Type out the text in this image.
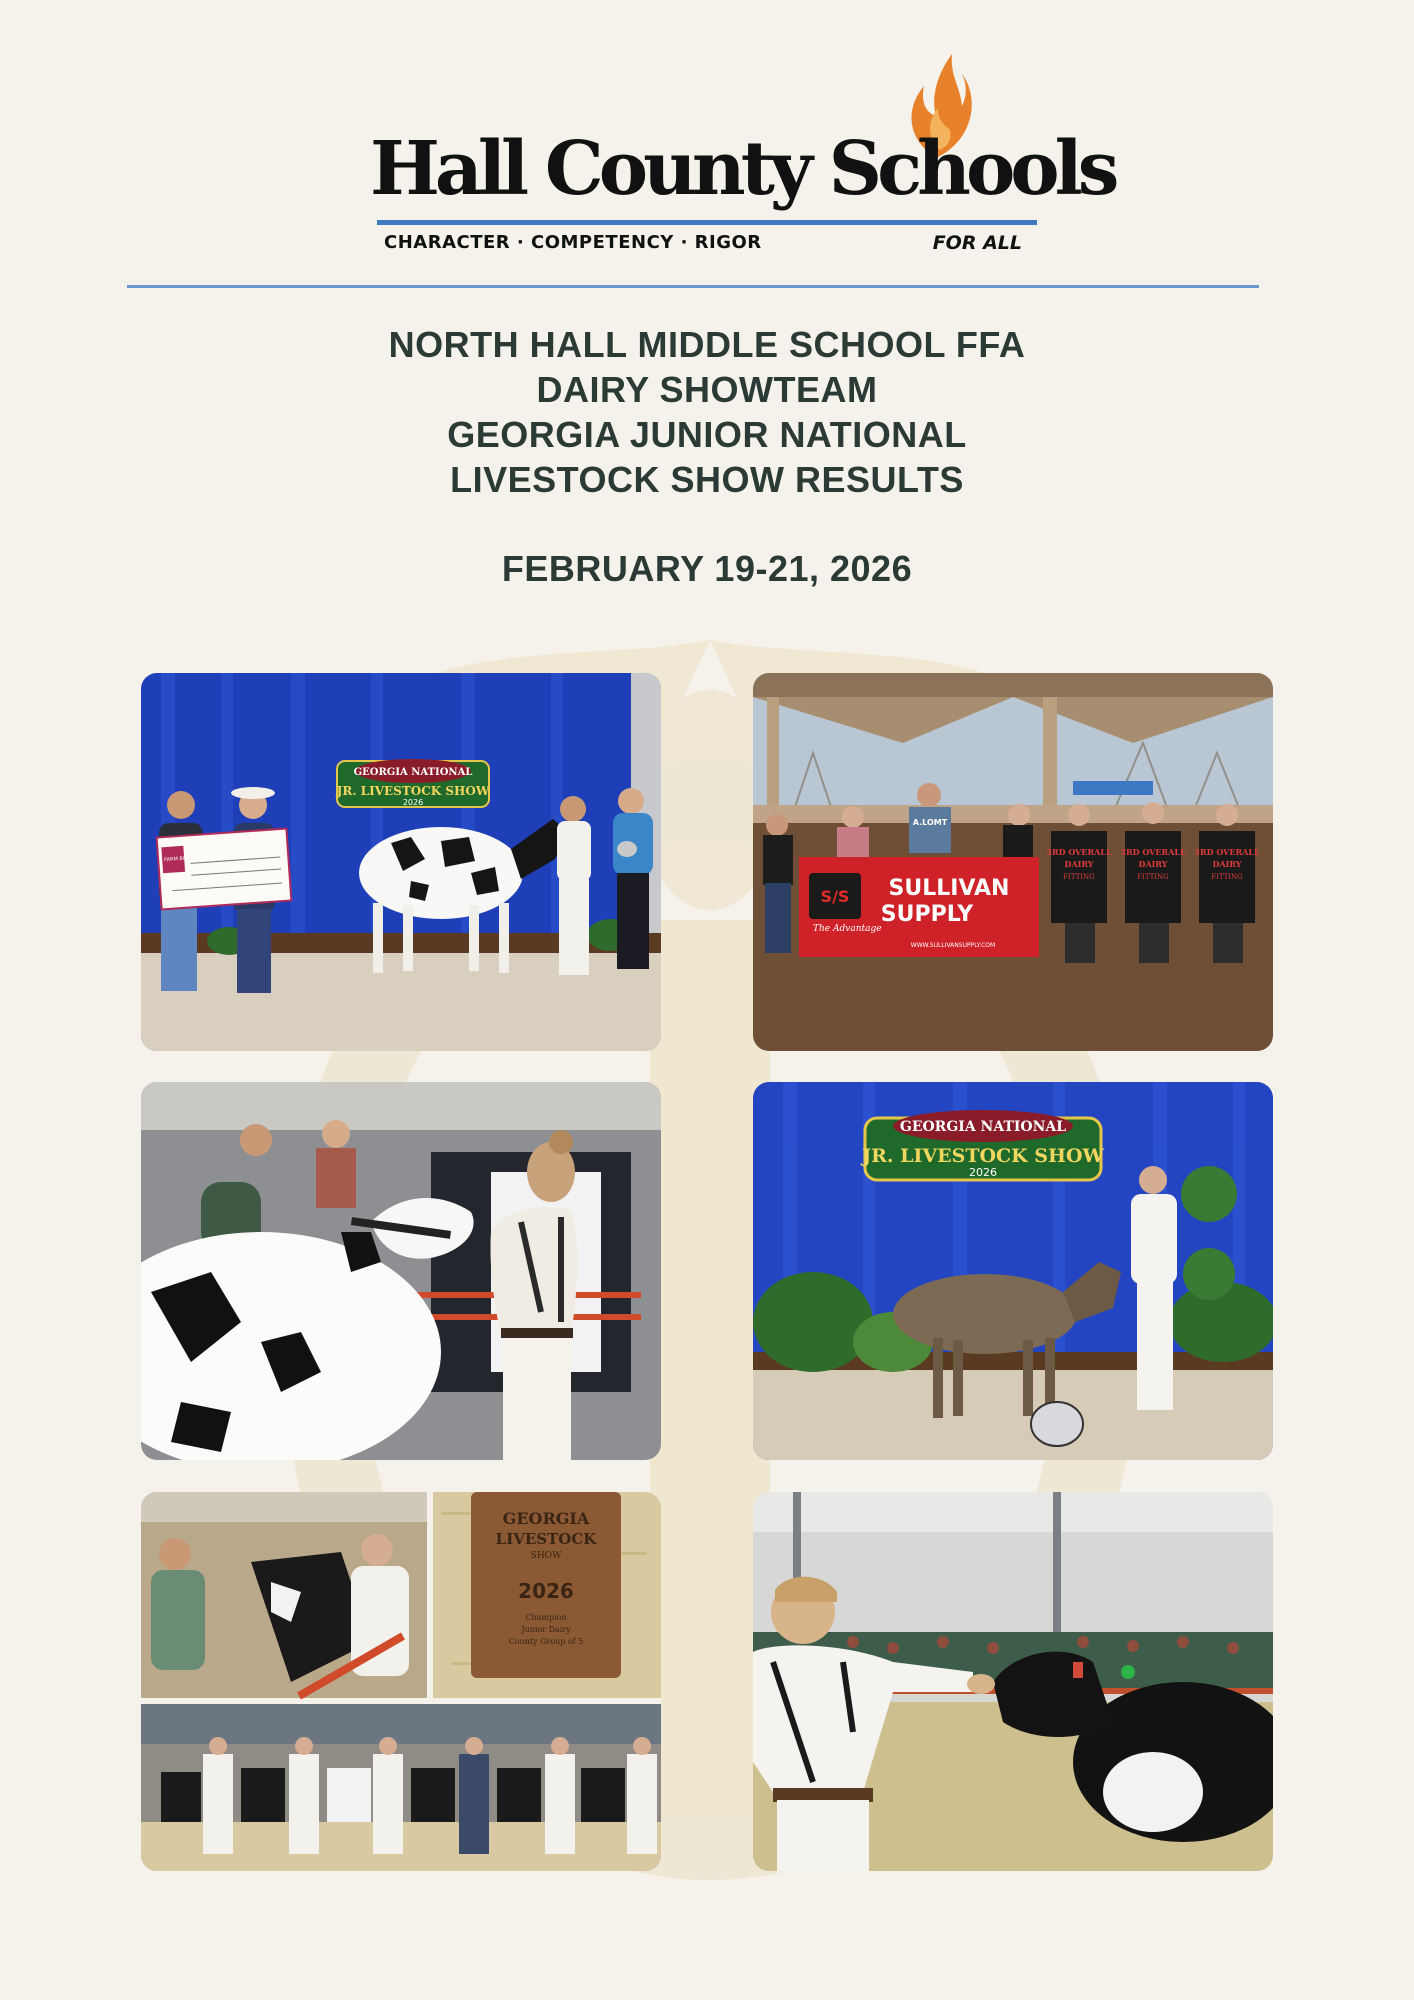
Hall County Schools
CHARACTER · COMPETENCY · RIGOR	FOR ALL
NORTH HALL MIDDLE SCHOOL FFA
DAIRY SHOWTEAM
GEORGIA JUNIOR NATIONAL
LIVESTOCK SHOW RESULTS
FEBRUARY 19-21, 2026
GEORGIA NATIONAL
JR. LIVESTOCK SHOW
2026
FARM BUREAU
A.LOMT
S/S
The Advantage
SULLIVAN
SUPPLY
WWW.SULLIVANSUPPLY.COM
3RD OVERALL
DAIRY
FITTING
3RD OVERALL
DAIRY
FITTING
3RD OVERALL
DAIRY
FITTING
GEORGIA NATIONAL
JR. LIVESTOCK SHOW
2026
GEORGIA
LIVESTOCK
SHOW
2026
Champion
Junior Dairy
County Group of 5
